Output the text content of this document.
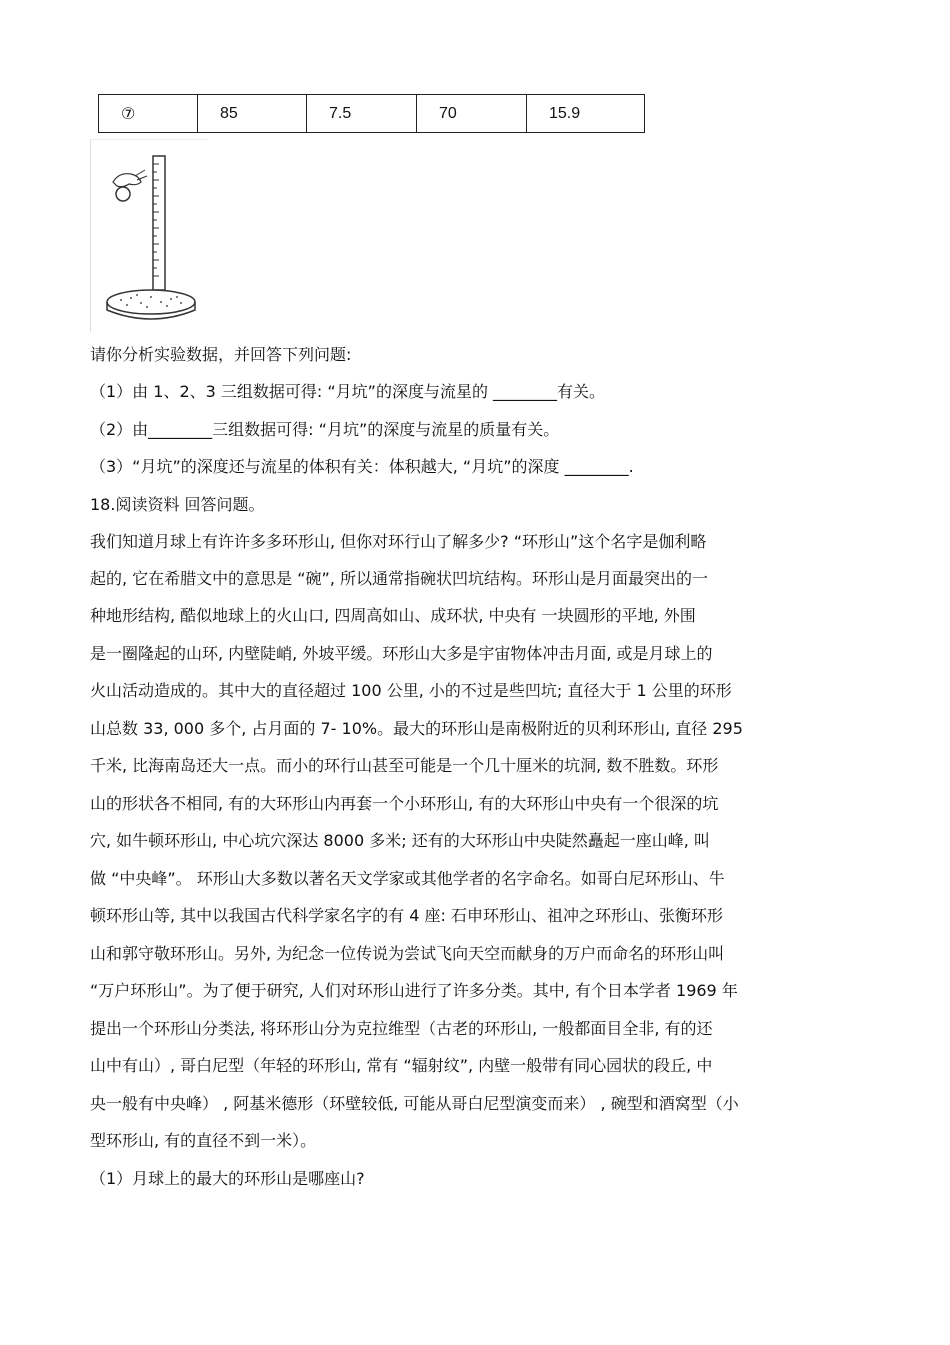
⑦	85	7.5	70	15.9
请你分析实验数据，并回答下列问题:
（1）由 1、2、3 三组数据可得: “月坑”的深度与流星的 ________有关。
（2）由________三组数据可得: “月坑”的深度与流星的质量有关。
（3）“月坑”的深度还与流星的体积有关：体积越大, “月坑”的深度 ________.
18.阅读资料 回答问题。
我们知道月球上有许许多多环形山, 但你对环行山了解多少? “环形山”这个名字是伽利略
起的, 它在希腊文中的意思是 “碗”, 所以通常指碗状凹坑结构。环形山是月面最突出的一
种地形结构, 酷似地球上的火山口, 四周高如山、成环状, 中央有 一块圆形的平地, 外围
是一圈隆起的山环, 内壁陡峭, 外坡平缓。环形山大多是宇宙物体冲击月面, 或是月球上的
火山活动造成的。其中大的直径超过 100 公里, 小的不过是些凹坑; 直径大于 1 公里的环形
山总数 33, 000 多个, 占月面的 7- 10%。最大的环形山是南极附近的贝利环形山, 直径 295
千米, 比海南岛还大一点。而小的环行山甚至可能是一个几十厘米的坑洞, 数不胜数。环形
山的形状各不相同, 有的大环形山内再套一个小环形山, 有的大环形山中央有一个很深的坑
穴, 如牛顿环形山, 中心坑穴深达 8000 多米; 还有的大环形山中央陡然矗起一座山峰, 叫
做 “中央峰”。 环形山大多数以著名天文学家或其他学者的名字命名。如哥白尼环形山、牛
顿环形山等, 其中以我国古代科学家名字的有 4 座: 石申环形山、祖冲之环形山、张衡环形
山和郭守敬环形山。另外, 为纪念一位传说为尝试飞向天空而献身的万户而命名的环形山叫
“万户环形山”。为了便于研究, 人们对环形山进行了许多分类。其中, 有个日本学者 1969 年
提出一个环形山分类法, 将环形山分为克拉维型（古老的环形山, 一般都面目全非, 有的还
山中有山）, 哥白尼型（年轻的环形山, 常有 “辐射纹”, 内壁一般带有同心园状的段丘, 中
央一般有中央峰） , 阿基米德形（环壁较低, 可能从哥白尼型演变而来） , 碗型和酒窝型（小
型环形山, 有的直径不到一米）。
（1）月球上的最大的环形山是哪座山?
